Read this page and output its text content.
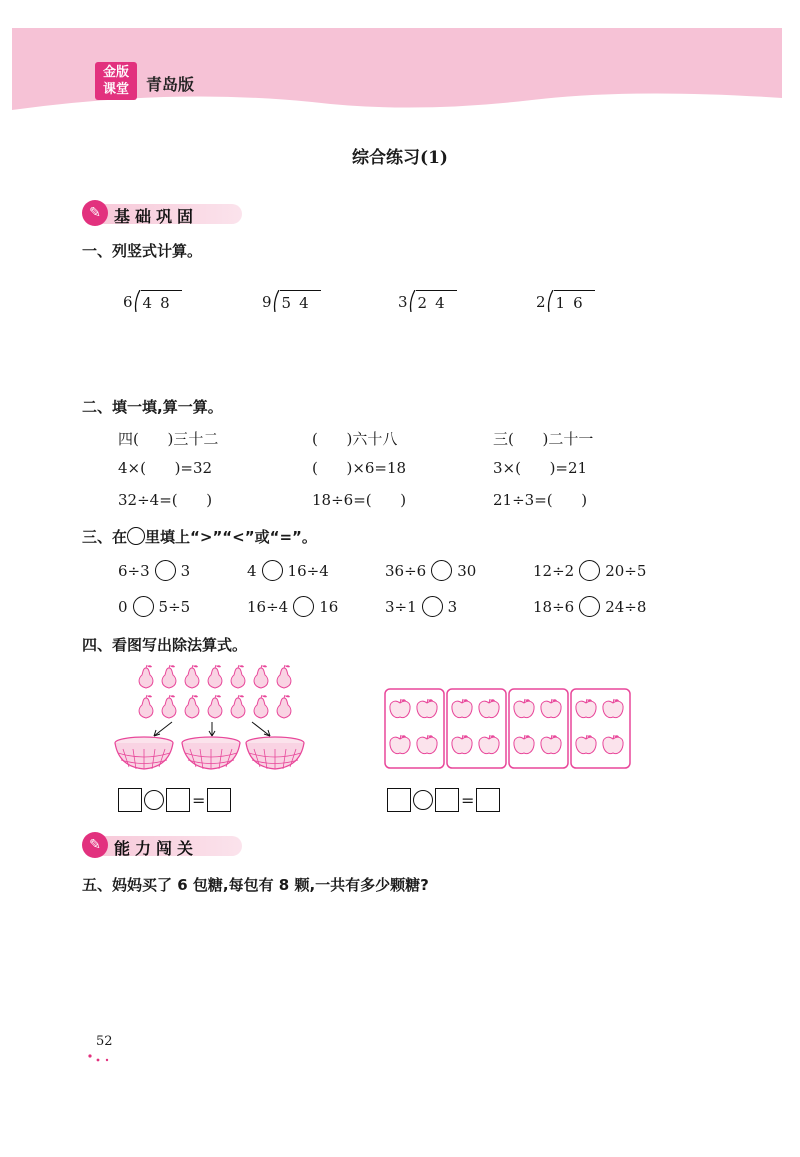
金版
课堂	青岛版
综合练习(1)
✎ 基础巩固
一、列竖式计算。
6 48	9 54	3 24	2 16
二、填一填,算一算。
四(      )三十二	(      )六十八	三(      )二十一
4×(      )=32	(      )×6=18	3×(      )=21
32÷4=(      )	18÷6=(      )	21÷3=(      )
三、在 里填上“>”“<”或“=”。
6÷3 3	4 16÷4	36÷6 30	12÷2 20÷5
0 5÷5	16÷4 16	3÷1 3	18÷6 24÷8
四、看图写出除法算式。
=	=
✎ 能力闯关
五、妈妈买了 6 包糖,每包有 8 颗,一共有多少颗糖?
52
